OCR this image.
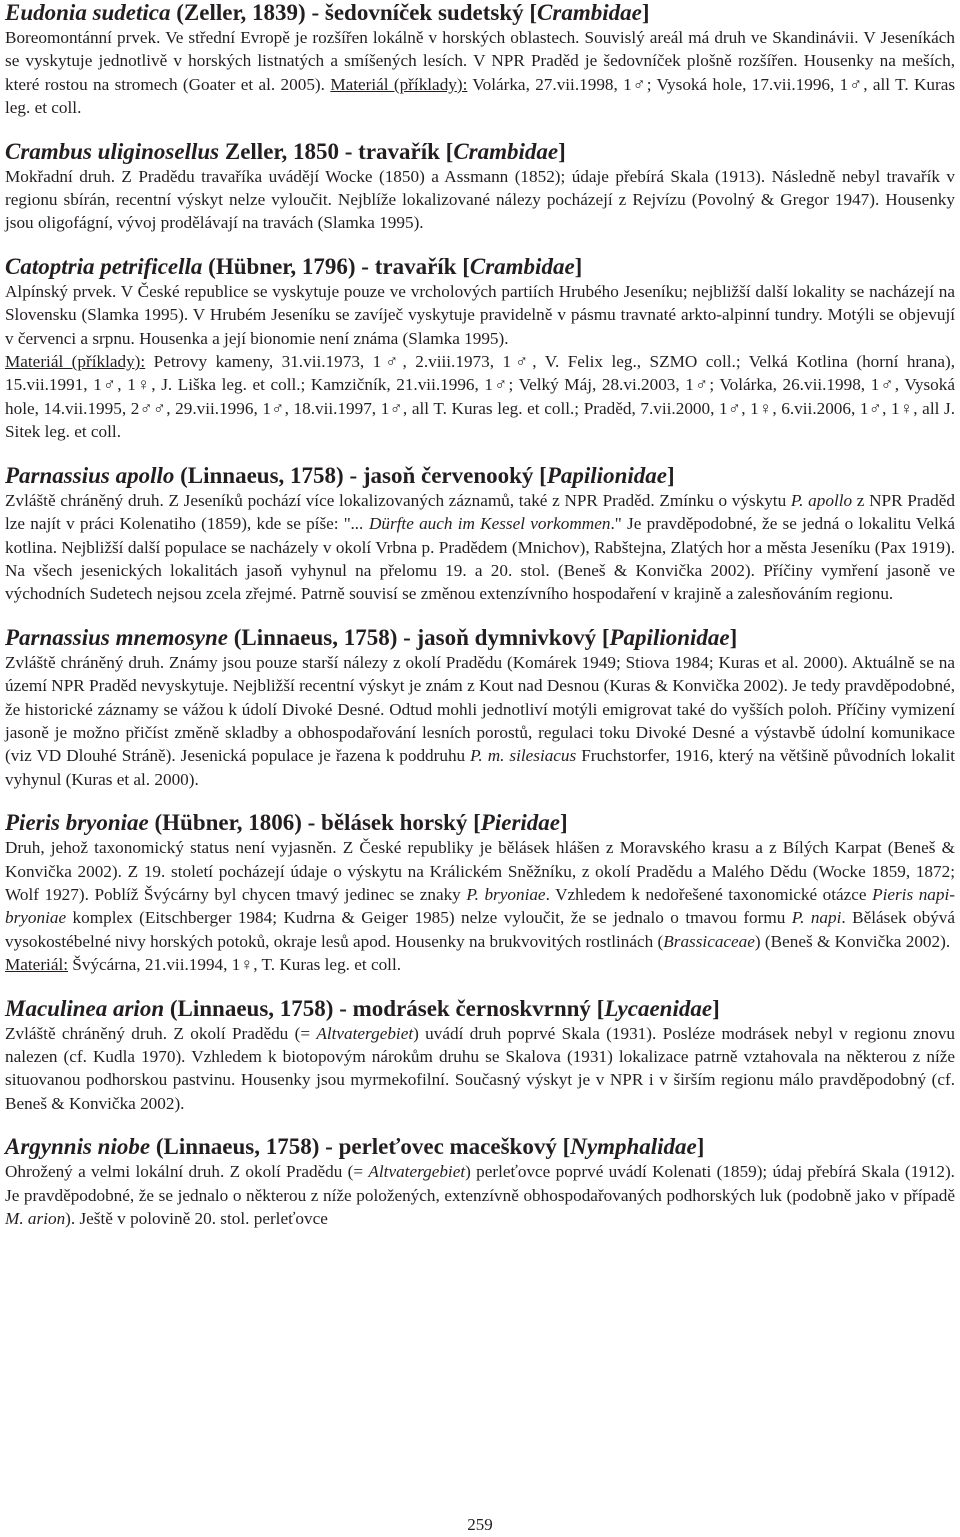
Eudonia sudetica (Zeller, 1839) - šedovníček sudetský [Crambidae]

Boreomontánní prvek. Ve střední Evropě je rozšířen lokálně v horských oblastech. Souvislý areál má druh ve Skandinávii. V Jeseníkách se vyskytuje jednotlivě v horských listnatých a smíšených lesích. V NPR Praděd je šedovníček plošně rozšířen. Housenky na meších, které rostou na stromech (Goater et al. 2005). Materiál (příklady): Volárka, 27.vii.1998, 1♂; Vysoká hole, 17.vii.1996, 1♂, all T. Kuras leg. et coll.

Crambus uliginosellus Zeller, 1850 - travařík [Crambidae]

Mokřadní druh. Z Pradědu travaříka uvádějí Wocke (1850) a Assmann (1852); údaje přebírá Skala (1913). Následně nebyl travařík v regionu sbírán, recentní výskyt nelze vyloučit. Nejblíže lokalizované nálezy pocházejí z Rejvízu (Povolný & Gregor 1947). Housenky jsou oligofágní, vývoj prodělávají na travách (Slamka 1995).

Catoptria petrificella (Hübner, 1796) - travařík [Crambidae]

Alpínský prvek. V České republice se vyskytuje pouze ve vrcholových partiích Hrubého Jeseníku; nejbližší další lokality se nacházejí na Slovensku (Slamka 1995). V Hrubém Jeseníku se zavíječ vyskytuje pravidelně v pásmu travnaté arkto-alpinní tundry. Motýli se objevují v červenci a srpnu. Housenka a její bionomie není známa (Slamka 1995).

Materiál (příklady): Petrovy kameny, 31.vii.1973, 1♂, 2.viii.1973, 1♂, V. Felix leg., SZMO coll.; Velká Kotlina (horní hrana), 15.vii.1991, 1♂, 1♀, J. Liška leg. et coll.; Kamzičník, 21.vii.1996, 1♂; Velký Máj, 28.vi.2003, 1♂; Volárka, 26.vii.1998, 1♂, Vysoká hole, 14.vii.1995, 2♂♂, 29.vii.1996, 1♂, 18.vii.1997, 1♂, all T. Kuras leg. et coll.; Praděd, 7.vii.2000, 1♂, 1♀, 6.vii.2006, 1♂, 1♀, all J. Sitek leg. et coll.

Parnassius apollo (Linnaeus, 1758) - jasoň červenooký [Papilionidae]

Zvláště chráněný druh. Z Jeseníků pochází více lokalizovaných záznamů, také z NPR Praděd. Zmínku o výskytu P. apollo z NPR Praděd lze najít v práci Kolenatiho (1859), kde se píše: "... Dürfte auch im Kessel vorkommen." Je pravděpodobné, že se jedná o lokalitu Velká kotlina. Nejbližší další populace se nacházely v okolí Vrbna p. Pradědem (Mnichov), Rabštejna, Zlatých hor a města Jeseníku (Pax 1919). Na všech jesenických lokalitách jasoň vyhynul na přelomu 19. a 20. stol. (Beneš & Konvička 2002). Příčiny vymření jasoně ve východních Sudetech nejsou zcela zřejmé. Patrně souvisí se změnou extenzívního hospodaření v krajině a zalesňováním regionu.

Parnassius mnemosyne (Linnaeus, 1758) - jasoň dymnivkový [Papilionidae]

Zvláště chráněný druh. Známy jsou pouze starší nálezy z okolí Pradědu (Komárek 1949; Stiova 1984; Kuras et al. 2000). Aktuálně se na území NPR Praděd nevyskytuje. Nejbližší recentní výskyt je znám z Kout nad Desnou (Kuras & Konvička 2002). Je tedy pravděpodobné, že historické záznamy se vážou k údolí Divoké Desné. Odtud mohli jednotliví motýli emigrovat také do vyšších poloh. Příčiny vymizení jasoně je možno přičíst změně skladby a obhospodařování lesních porostů, regulaci toku Divoké Desné a výstavbě údolní komunikace (viz VD Dlouhé Stráně). Jesenická populace je řazena k poddruhu P. m. silesiacus Fruchstorfer, 1916, který na většině původních lokalit vyhynul (Kuras et al. 2000).

Pieris bryoniae (Hübner, 1806) - bělásek horský [Pieridae]

Druh, jehož taxonomický status není vyjasněn. Z České republiky je bělásek hlášen z Moravského krasu a z Bílých Karpat (Beneš & Konvička 2002). Z 19. století pocházejí údaje o výskytu na Králickém Sněžníku, z okolí Pradědu a Malého Dědu (Wocke 1859, 1872; Wolf 1927). Poblíž Švýcárny byl chycen tmavý jedinec se znaky P. bryoniae. Vzhledem k nedořešené taxonomické otázce Pieris napi-bryoniae komplex (Eitschberger 1984; Kudrna & Geiger 1985) nelze vyloučit, že se jednalo o tmavou formu P. napi. Bělásek obývá vysokostébelné nivy horských potoků, okraje lesů apod. Housenky na brukvovitých rostlinách (Brassicaceae) (Beneš & Konvička 2002).

Materiál: Švýcárna, 21.vii.1994, 1♀, T. Kuras leg. et coll.

Maculinea arion (Linnaeus, 1758) - modrásek černoskvrnný [Lycaenidae]

Zvláště chráněný druh. Z okolí Pradědu (= Altvatergebiet) uvádí druh poprvé Skala (1931). Posléze modrásek nebyl v regionu znovu nalezen (cf. Kudla 1970). Vzhledem k biotopovým nárokům druhu se Skalova (1931) lokalizace patrně vztahovala na některou z níže situovanou podhorskou pastvinu. Housenky jsou myrmekofilní. Současný výskyt je v NPR i v širším regionu málo pravděpodobný (cf. Beneš & Konvička 2002).

Argynnis niobe (Linnaeus, 1758) - perleťovec maceškový [Nymphalidae]

Ohrožený a velmi lokální druh. Z okolí Pradědu (= Altvatergebiet) perleťovce poprvé uvádí Kolenati (1859); údaj přebírá Skala (1912). Je pravděpodobné, že se jednalo o některou z níže položených, extenzívně obhospodařovaných podhorských luk (podobně jako v případě M. arion). Ještě v polovině 20. stol. perleťovce

259
